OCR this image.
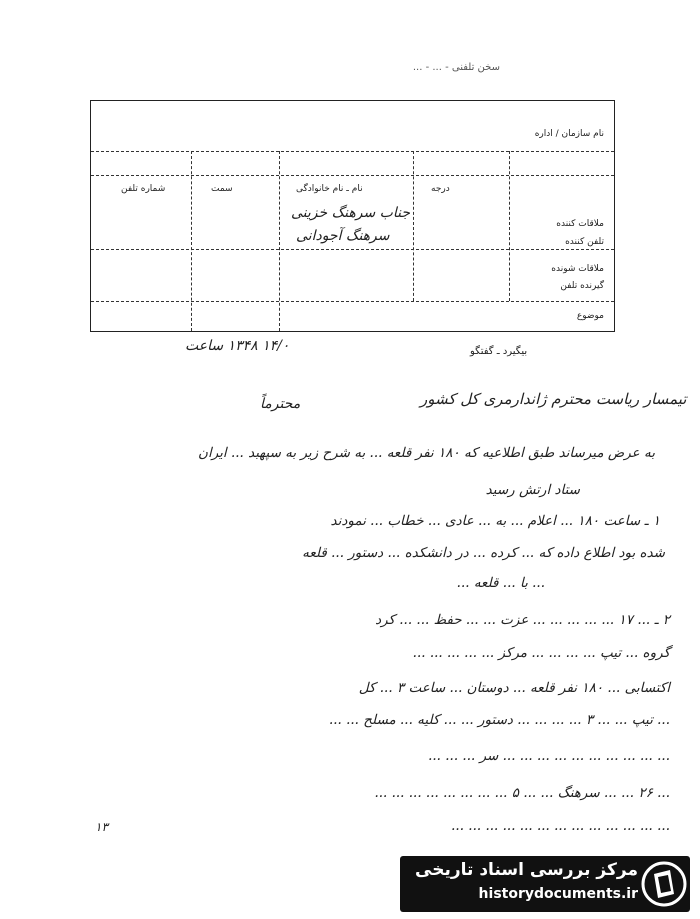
سخن تلفنی - ... - ...
نام سازمان / اداره
درجه
نام ـ نام خانوادگی
سمت
شماره تلفن
ملاقات کننده
تلفن کننده
ملاقات شونده
گیرنده تلفن
موضوع
جناب سرهنگ خزینی
سرهنگ آجودانی
۱۴/۰ ۱۳۴۸ ساعت	بیگیرد ـ گفتگو
تیمسار ریاست محترم ژاندارمری کل کشور
محترماً
به عرض میرساند طبق اطلاعیه که ۱۸۰ نفر قلعه ... به شرح زیر به سپهبد ... ایران
ستاد ارتش رسید
۱ ـ ساعت ۱۸۰ ... اعلام ... به ... عادی ... خطاب ... نمودند
شده بود اطلاع داده که ... کرده ... در دانشکده ... دستور ... قلعه
... با ... قلعه ...
۲ ـ ... ۱۷ ... ... ... ... ... عزت ... ... حفظ ... ... کرد
گروه ... تیپ ... ... ... ... مرکز ... ... ... ... ...
اکتسابی ... ۱۸۰ نفر قلعه ... دوستان ... ساعت ۳ ... کل
... تیپ ... ... ۳ ... ... ... ... دستور ... ... کلیه ... مسلح ... ...
... ... ... ... ... ... ... ... ... ... سر ... ... ...
... ۲۶ ... ... سرهنگ ... ... ۵ ... ... ... ... ... ... ... ...
... ... ... ... ... ... ... ... ... ... ... ... ...
۱۳
مرکز بررسی اسناد تاریخی
historydocuments.ir
